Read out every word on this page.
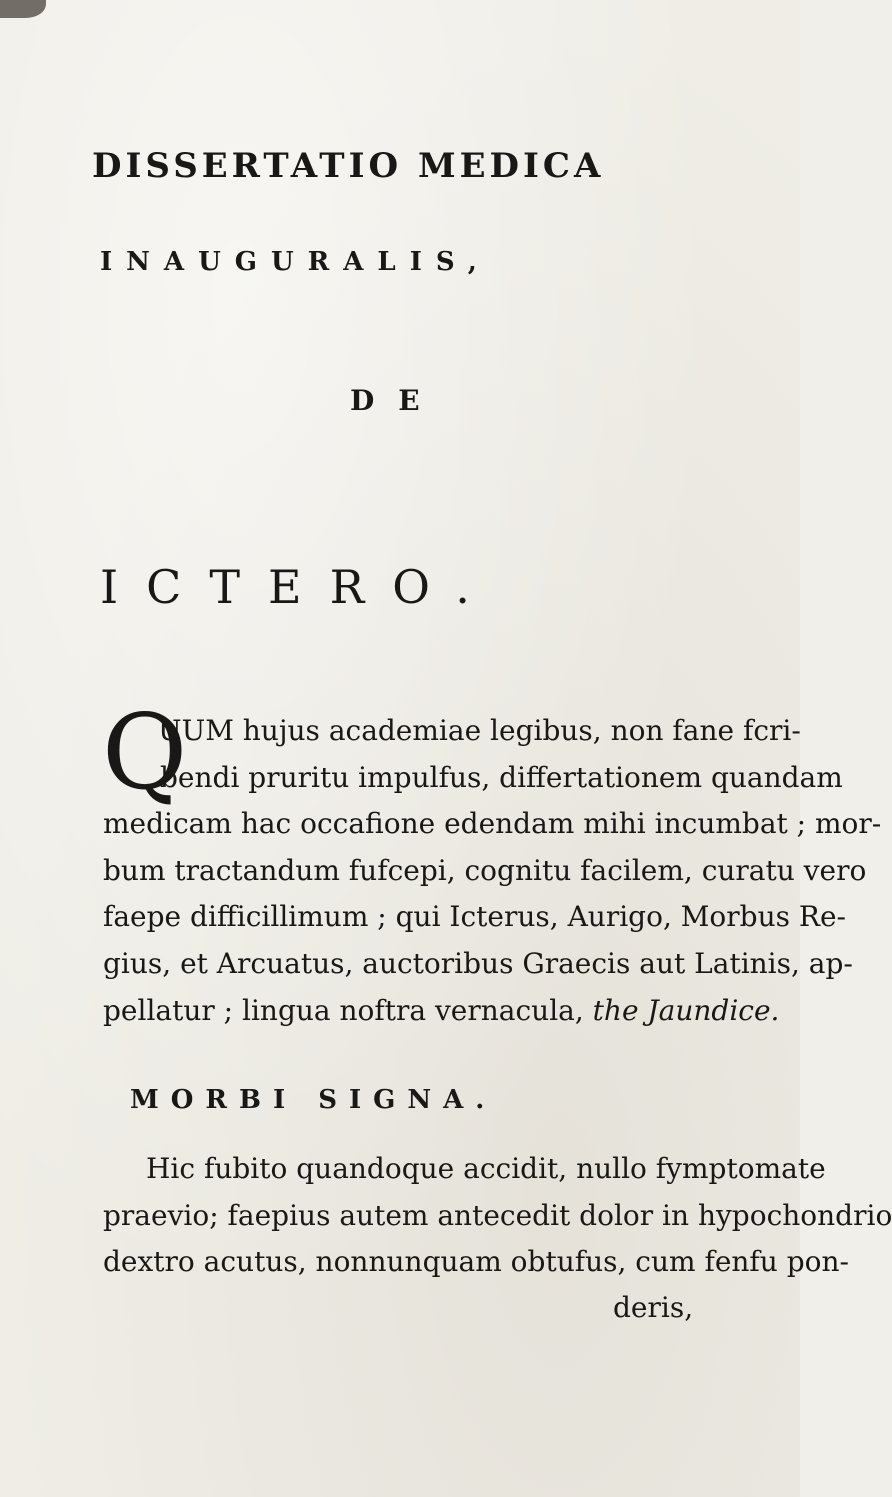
DISSERTATIO MEDICA
INAUGURALIS,
DE
ICTERO.
Q
UUM hujus academiae legibus, non fane fcri-
bendi pruritu impulfus, differtationem quandam
medicam hac occafione edendam mihi incumbat ; mor-
bum tractandum fufcepi, cognitu facilem, curatu vero
faepe difficillimum ; qui Icterus, Aurigo, Morbus Re-
gius, et Arcuatus, auctoribus Graecis aut Latinis, ap-
pellatur ; lingua noftra vernacula, the Jaundice.
MORBI SIGNA.
Hic fubito quandoque accidit, nullo fymptomate
praevio; faepius autem antecedit dolor in hypochondrio
dextro acutus, nonnunquam obtufus, cum fenfu pon-
deris,
